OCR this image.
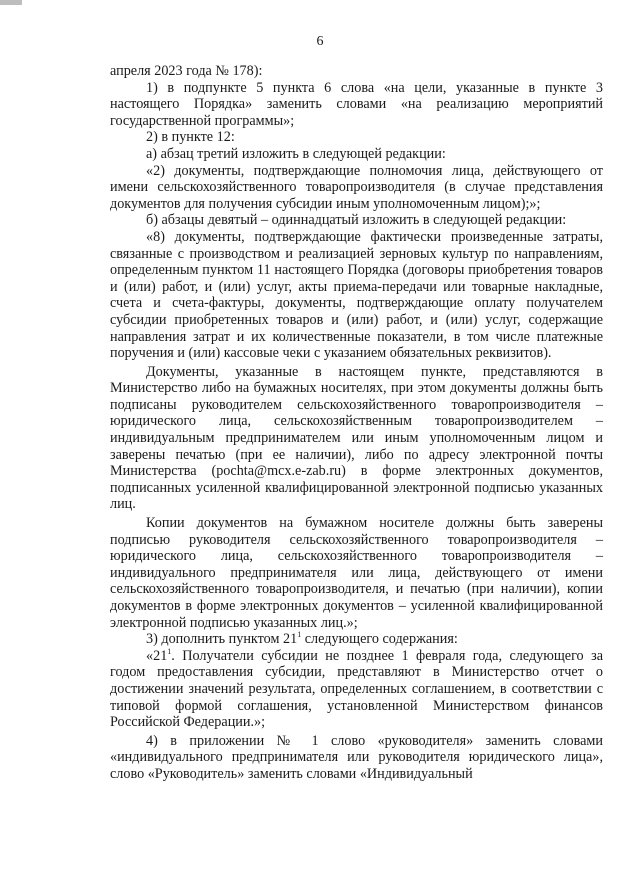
6

апреля 2023 года № 178):

1) в подпункте 5 пункта 6 слова «на цели, указанные в пункте 3 настоящего Порядка» заменить словами «на реализацию мероприятий государственной программы»;

2) в пункте 12:

а) абзац третий изложить в следующей редакции:

«2) документы, подтверждающие полномочия лица, действующего от имени сельскохозяйственного товаропроизводителя (в случае представления документов для получения субсидии иным уполномоченным лицом);»;

б) абзацы девятый – одиннадцатый изложить в следующей редакции:

«8) документы, подтверждающие фактически произведенные затраты, связанные с производством и реализацией зерновых культур по направлениям, определенным пунктом 11 настоящего Порядка (договоры приобретения товаров и (или) работ, и (или) услуг, акты приема-передачи или товарные накладные, счета и счета-фактуры, документы, подтверждающие оплату получателем субсидии приобретенных товаров и (или) работ, и (или) услуг, содержащие направления затрат и их количественные показатели, в том числе платежные поручения и (или) кассовые чеки с указанием обязательных реквизитов).

Документы, указанные в настоящем пункте, представляются в Министерство либо на бумажных носителях, при этом документы должны быть подписаны руководителем сельскохозяйственного товаропроизводителя – юридического лица, сельскохозяйственным товаропроизводителем – индивидуальным предпринимателем или иным уполномоченным лицом и заверены печатью (при ее наличии), либо по адресу электронной почты Министерства (pochta@mcx.e-zab.ru) в форме электронных документов, подписанных усиленной квалифицированной электронной подписью указанных лиц.

Копии документов на бумажном носителе должны быть заверены подписью руководителя сельскохозяйственного товаропроизводителя – юридического лица, сельскохозяйственного товаропроизводителя – индивидуального предпринимателя или лица, действующего от имени сельскохозяйственного товаропроизводителя, и печатью (при наличии), копии документов в форме электронных документов – усиленной квалифицированной электронной подписью указанных лиц.»;

3) дополнить пунктом $21^1$ следующего содержания:

«$21^1$. Получатели субсидии не позднее 1 февраля года, следующего за годом предоставления субсидии, представляют в Министерство отчет о достижении значений результата, определенных соглашением, в соответствии с типовой формой соглашения, установленной Министерством финансов Российской Федерации.»;

4) в приложении № 1 слово «руководителя» заменить словами «индивидуального предпринимателя или руководителя юридического лица», слово «Руководитель» заменить словами «Индивидуальный
